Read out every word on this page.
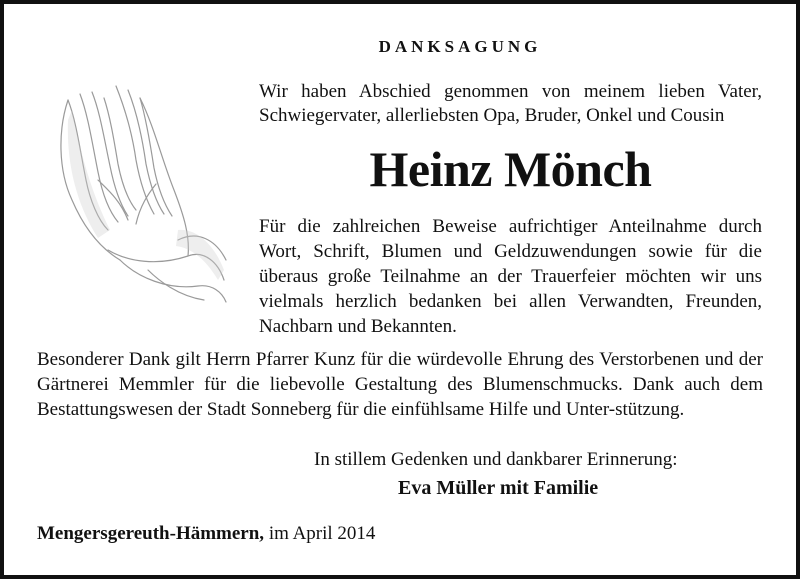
DANKSAGUNG
Wir haben Abschied genommen von meinem lieben Vater, Schwiegervater, allerliebsten Opa, Bruder, Onkel und Cousin
Heinz Mönch
Für die zahlreichen Beweise aufrichtiger Anteilnahme durch Wort, Schrift, Blumen und Geldzuwendungen sowie für die überaus große Teilnahme an der Trauerfeier möchten wir uns vielmals herzlich bedanken bei allen Verwandten, Freunden, Nachbarn und Bekannten.
Besonderer Dank gilt Herrn Pfarrer Kunz für die würdevolle Ehrung des Verstorbenen und der Gärtnerei Memmler für die liebevolle Gestaltung des Blumenschmucks. Dank auch dem Bestattungswesen der Stadt Sonneberg für die einfühlsame Hilfe und Unter-stützung.
In stillem Gedenken und dankbarer Erinnerung:
Eva Müller mit Familie
Mengersgereuth-Hämmern, im April 2014
